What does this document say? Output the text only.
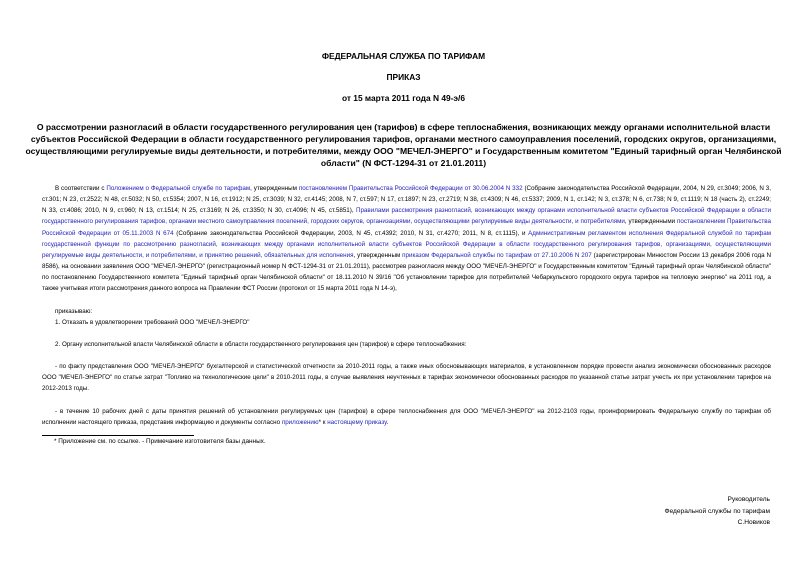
ФЕДЕРАЛЬНАЯ СЛУЖБА ПО ТАРИФАМ
ПРИКАЗ
от 15 марта 2011 года N 49-э/6

О рассмотрении разногласий в области государственного регулирования цен (тарифов) в сфере теплоснабжения, возникающих между органами исполнительной власти субъектов Российской Федерации в области государственного регулирования тарифов, органами местного самоуправления поселений, городских округов, организациями, осуществляющими регулируемые виды деятельности, и потребителями, между ООО "МЕЧЕЛ-ЭНЕРГО" и Государственным комитетом "Единый тарифный орган Челябинской области" (N ФСТ-1294-31 от 21.01.2011)

В соответствии с Положением о Федеральной службе по тарифам, утвержденным постановлением Правительства Российской Федерации от 30.06.2004 N 332 (Собрание законодательства Российской Федерации, 2004, N 29, ст.3049; 2006, N 3, ст.301; N 23, ст.2522; N 48, ст.5032; N 50, ст.5354; 2007, N 16, ст.1912; N 25, ст.3039; N 32, ст.4145; 2008, N 7, ст.597; N 17, ст.1897; N 23, ст.2719; N 38, ст.4309; N 46, ст.5337; 2009, N 1, ст.142; N 3, ст.378; N 6, ст.738; N 9, ст.1119; N 18 (часть 2), ст.2249; N 33, ст.4086; 2010, N 9, ст.960; N 13, ст.1514; N 25, ст.3169; N 26, ст.3350; N 30, ст.4096; N 45, ст.5851), Правилами рассмотрения разногласий, возникающих между органами исполнительной власти субъектов Российской Федерации в области государственного регулирования тарифов, органами местного самоуправления поселений, городских округов, организациями, осуществляющими регулируемые виды деятельности, и потребителями, утвержденными постановлением Правительства Российской Федерации от 05.11.2003 N 674 (Собрание законодательства Российской Федерации, 2003, N 45, ст.4392; 2010, N 31, ст.4270; 2011, N 8, ст.1115), и Административным регламентом исполнения Федеральной службой по тарифам государственной функции по рассмотрению разногласий, возникающих между органами исполнительной власти субъектов Российской Федерации в области государственного регулирования тарифов, организациями, осуществляющими регулируемые виды деятельности, и потребителями, и принятию решений, обязательных для исполнения, утвержденным приказом Федеральной службы по тарифам от 27.10.2006 N 207 (зарегистрирован Минюстом России 13 декабря 2006 года N 8586), на основании заявления ООО "МЕЧЕЛ-ЭНЕРГО" (регистрационный номер N ФСТ-1294-31 от 21.01.2011), рассмотрев разногласия между ООО "МЕЧЕЛ-ЭНЕРГО" и Государственным комитетом "Единый тарифный орган Челябинской области" по постановлению Государственного комитета "Единый тарифный орган Челябинской области" от 18.11.2010 N 39/16 "Об установлении тарифов для потребителей Чебаркульского городского округа тарифов на тепловую энергию" на 2011 год, а также учитывая итоги рассмотрения данного вопроса на Правлении ФСТ России (протокол от 15 марта 2011 года N 14-э),

приказываю:

1. Отказать в удовлетворении требований ООО "МЕЧЕЛ-ЭНЕРГО"

2. Органу исполнительной власти Челябинской области в области государственного регулирования цен (тарифов) в сфере теплоснабжения:

- по факту представления ООО "МЕЧЕЛ-ЭНЕРГО" бухгалтерской и статистической отчетности за 2010-2011 годы, а также иных обосновывающих материалов, в установленном порядке провести анализ экономически обоснованных расходов ООО "МЕЧЕЛ-ЭНЕРГО" по статье затрат "Топливо на технологические цели" в 2010-2011 годы, в случае выявления неучтенных в тарифах экономически обоснованных расходов по указанной статье затрат учесть их при установлении тарифов на 2012-2013 годы.

- в течение 10 рабочих дней с даты принятия решений об установлении регулируемых цен (тарифов) в сфере теплоснабжения для ООО "МЕЧЕЛ-ЭНЕРГО" на 2012-2103 годы, проинформировать Федеральную службу по тарифам об исполнении настоящего приказа, представив информацию и документы согласно приложению* к настоящему приказу.

* Приложение см. по ссылке. - Примечание изготовителя базы данных.
Руководитель
Федеральной службы по тарифам
С.Новиков
